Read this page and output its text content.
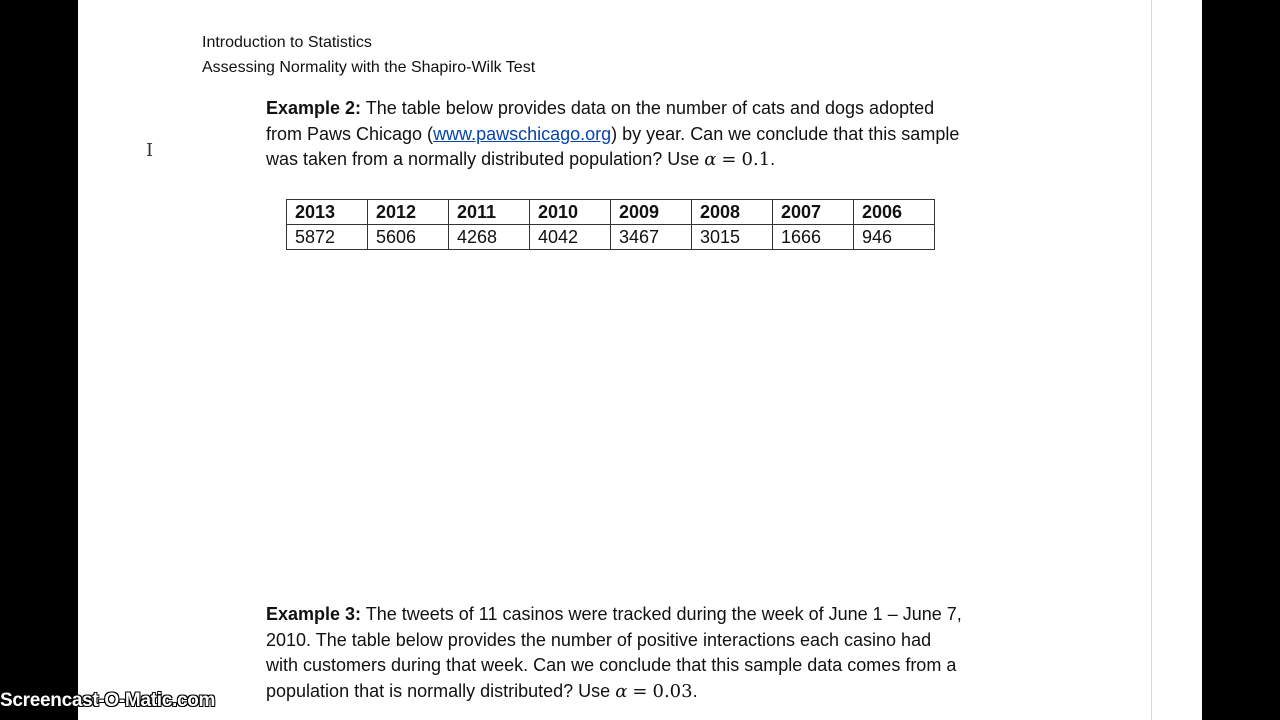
Introduction to Statistics
Assessing Normality with the Shapiro-Wilk Test
Example 2: The table below provides data on the number of cats and dogs adopted
from Paws Chicago (www.pawschicago.org) by year. Can we conclude that this sample
was taken from a normally distributed population? Use α = 0.1.
2013	2012	2011	2010	2009	2008	2007	2006
5872	5606	4268	4042	3467	3015	1666	946
Example 3: The tweets of 11 casinos were tracked during the week of June 1 – June 7,
2010. The table below provides the number of positive interactions each casino had
with customers during that week. Can we conclude that this sample data comes from a
population that is normally distributed? Use α = 0.03.
I
Screencast-O-Matic.com
